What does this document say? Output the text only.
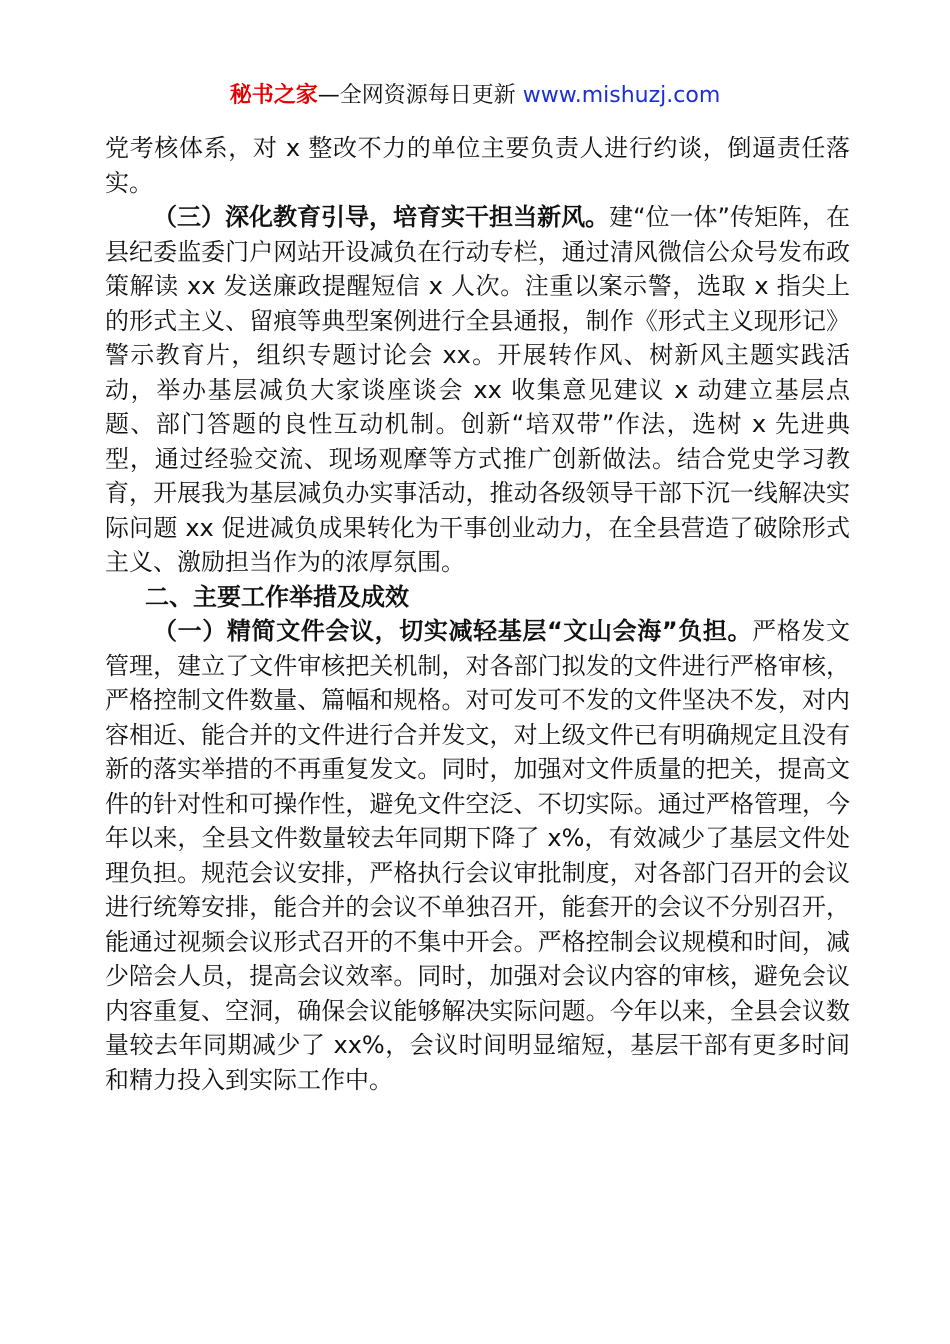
秘书之家—全网资源每日更新 www.mishuzj.com

党考核体系，对 x 整改不力的单位主要负责人进行约谈，倒逼责任落实。

（三）深化教育引导，培育实干担当新风。建“位一体”传矩阵，在县纪委监委门户网站开设减负在行动专栏，通过清风微信公众号发布政策解读 xx 发送廉政提醒短信 x 人次。注重以案示警，选取 x 指尖上的形式主义、留痕等典型案例进行全县通报，制作《形式主义现形记》警示教育片，组织专题讨论会 xx。开展转作风、树新风主题实践活动，举办基层减负大家谈座谈会 xx 收集意见建议 x 动建立基层点题、部门答题的良性互动机制。创新“培双带”作法，选树 x 先进典型，通过经验交流、现场观摩等方式推广创新做法。结合党史学习教育，开展我为基层减负办实事活动，推动各级领导干部下沉一线解决实际问题 xx 促进减负成果转化为干事创业动力，在全县营造了破除形式主义、激励担当作为的浓厚氛围。

二、主要工作举措及成效

（一）精简文件会议，切实减轻基层“文山会海”负担。严格发文管理，建立了文件审核把关机制，对各部门拟发的文件进行严格审核，严格控制文件数量、篇幅和规格。对可发可不发的文件坚决不发，对内容相近、能合并的文件进行合并发文，对上级文件已有明确规定且没有新的落实举措的不再重复发文。同时，加强对文件质量的把关，提高文件的针对性和可操作性，避免文件空泛、不切实际。通过严格管理，今年以来，全县文件数量较去年同期下降了 x%，有效减少了基层文件处理负担。规范会议安排，严格执行会议审批制度，对各部门召开的会议进行统筹安排，能合并的会议不单独召开，能套开的会议不分别召开，能通过视频会议形式召开的不集中开会。严格控制会议规模和时间，减少陪会人员，提高会议效率。同时，加强对会议内容的审核，避免会议内容重复、空洞，确保会议能够解决实际问题。今年以来，全县会议数量较去年同期减少了 xx%，会议时间明显缩短，基层干部有更多时间和精力投入到实际工作中。
